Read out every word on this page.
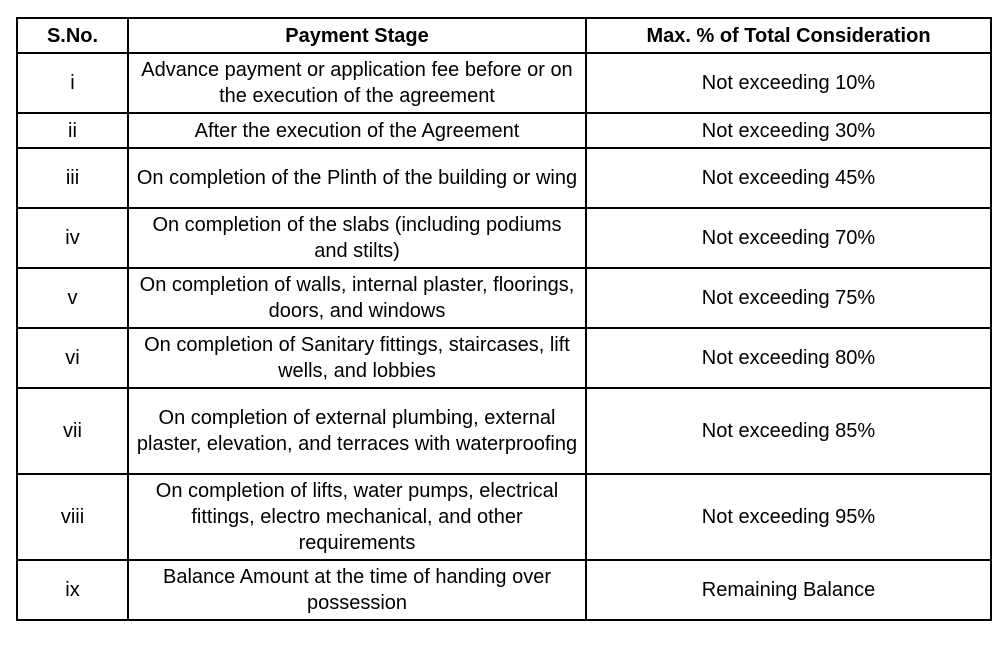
S.No.	Payment Stage	Max. % of Total Consideration
i	Advance payment or application fee before or on the execution of the agreement	Not exceeding 10%
ii	After the execution of the Agreement	Not exceeding 30%
iii	On completion of the Plinth of the building or wing	Not exceeding 45%
iv	On completion of the slabs (including podiums and stilts)	Not exceeding 70%
v	On completion of walls, internal plaster, floorings, doors, and windows	Not exceeding 75%
vi	On completion of Sanitary fittings, staircases, lift wells, and lobbies	Not exceeding 80%
vii	On completion of external plumbing, external plaster, elevation, and terraces with waterproofing	Not exceeding 85%
viii	On completion of lifts, water pumps, electrical fittings, electro mechanical, and other requirements	Not exceeding 95%
ix	Balance Amount at the time of handing over possession	Remaining Balance
